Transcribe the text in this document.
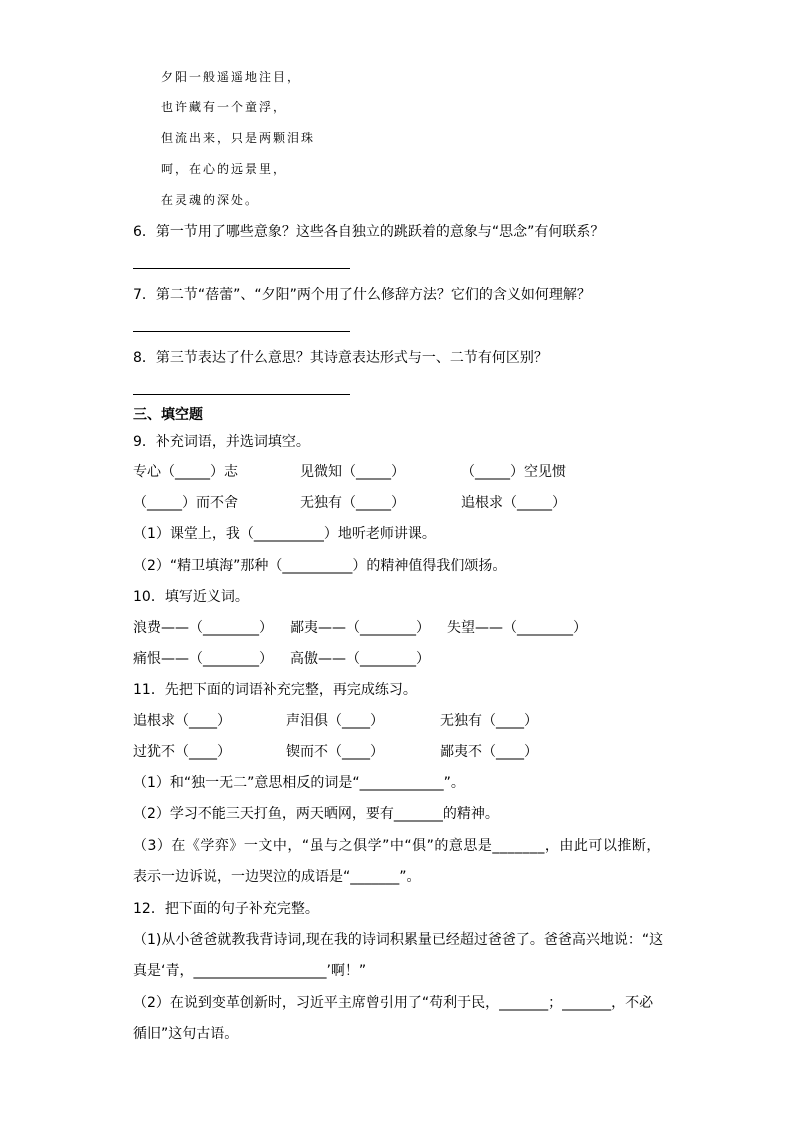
夕阳一般遥遥地注目，
也许藏有一个童浮，
但流出来，只是两颗泪珠
呵，在心的远景里，
在灵魂的深处。
6．第一节用了哪些意象？这些各自独立的跳跃着的意象与“思念”有何联系？
7．第二节“蓓蕾”、“夕阳”两个用了什么修辞方法？它们的含义如何理解？
8．第三节表达了什么意思？其诗意表达形式与一、二节有何区别？
三、填空题
9．补充词语，并选词填空。
专心（_____）志	见微知（_____）	（_____）空见惯
（_____）而不舍	无独有（_____）	追根求（_____）
（1）课堂上，我（__________）地听老师讲课。
（2）“精卫填海”那种（__________）的精神值得我们颂扬。
10．填写近义词。
浪费——（________） 鄙夷——（________） 失望——（________）
痛恨——（________） 高傲——（________）
11．先把下面的词语补充完整，再完成练习。
追根求（____）	声泪俱（____）	无独有（____）
过犹不（____）	锲而不（____）	鄙夷不（____）
（1）和“独一无二”意思相反的词是“____________”。
（2）学习不能三天打鱼，两天晒网，要有_______的精神。
（3）在《学弈》一文中，“虽与之俱学”中“俱”的意思是_______，由此可以推断，
表示一边诉说，一边哭泣的成语是“_______”。
12．把下面的句子补充完整。
（1)从小爸爸就教我背诗词,现在我的诗词积累量已经超过爸爸了。爸爸高兴地说：“这
真是‘青，___________________’啊！”
（2）在说到变革创新时，习近平主席曾引用了“苟利于民，_______；_______，不必
循旧”这句古语。
